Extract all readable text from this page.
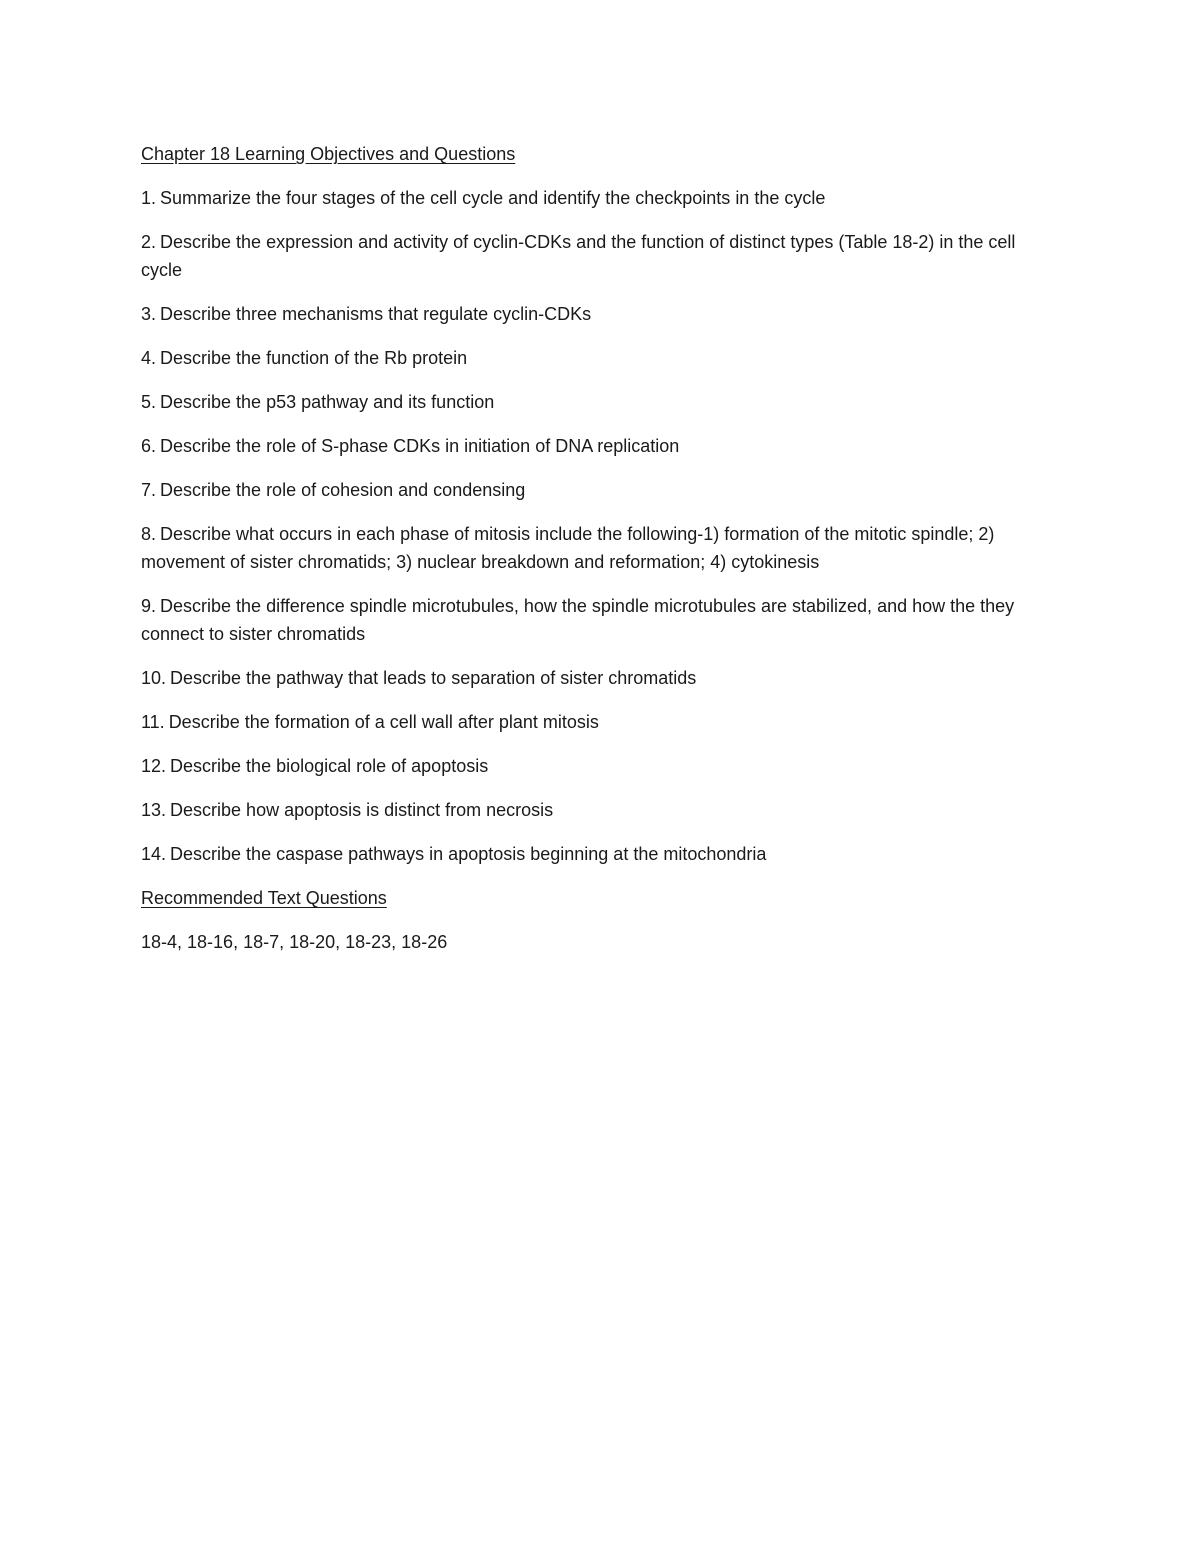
Chapter 18 Learning Objectives and Questions
1. Summarize the four stages of the cell cycle and identify the checkpoints in the cycle
2. Describe the expression and activity of cyclin-CDKs and the function of distinct types (Table 18-2) in the cell cycle
3. Describe three mechanisms that regulate cyclin-CDKs
4. Describe the function of the Rb protein
5. Describe the p53 pathway and its function
6. Describe the role of S-phase CDKs in initiation of DNA replication
7. Describe the role of cohesion and condensing
8. Describe what occurs in each phase of mitosis include the following-1) formation of the mitotic spindle; 2) movement of sister chromatids; 3) nuclear breakdown and reformation; 4) cytokinesis
9. Describe the difference spindle microtubules, how the spindle microtubules are stabilized, and how the they connect to sister chromatids
10. Describe the pathway that leads to separation of sister chromatids
11. Describe the formation of a cell wall after plant mitosis
12. Describe the biological role of apoptosis
13. Describe how apoptosis is distinct from necrosis
14. Describe the caspase pathways in apoptosis beginning at the mitochondria
Recommended Text Questions
18-4, 18-16, 18-7, 18-20, 18-23, 18-26
